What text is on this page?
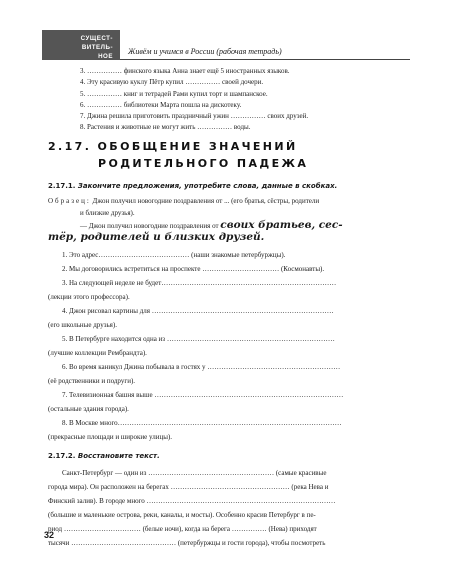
СУЩЕСТ-
ВИТЕЛЬ-
НОЕ
Живём и учимся в России (рабочая тетрадь)
3. …………… финского языка Анна знает ещё 5 иностранных языков.
4. Эту красивую куклу Пётр купил …………… своей дочери.
5. …………… книг и тетрадей Рами купил торт и шампанское.
6. …………… библиотеки Марта пошла на дискотеку.
7. Джина решила приготовить праздничный ужин …………… своих друзей.
8. Растения и животные не могут жить …………… воды.
2.17. ОБОБЩЕНИЕ ЗНАЧЕНИЙ
РОДИТЕЛЬНОГО ПАДЕЖА
2.17.1. Закончите предложения, употребите слова, данные в скобках.
Образец: Джон получил новогодние поздравления от ... (его братья, сёстры, родители
и близкие друзья).
— Джон получил новогодние поздравления от своих братьев, сес-
тёр, родителей и близких друзей.
1. Это адрес………………………………… (наши знакомые петербуржцы).
2. Мы договорились встретиться на проспекте …………………………… (Космонавты).
3. На следующей неделе не будет…………………………………………………………………
(лекции этого профессора).
4. Джон рисовал картины для ……………………………………………………………………
(его школьные друзья).
5. В Петербурге находится одна из ………………………………………………………………
(лучшие коллекции Рембрандта).
6. Во время каникул Джина побывала в гостях у …………………………………………………
(её родственники и подруги).
7. Телевизионная башня выше ………………………………………………………………………
(остальные здания города).
8. В Москве много……………………………………………………………………………………
(прекрасные площади и широкие улицы).
2.17.2. Восстановите текст.
Санкт-Петербург — один из ……………………………………………… (самые красивые
города мира). Он расположен на берегах …………………………………………… (река Нева и
Финский залив). В городе много ………………………………………………………………………
(большие и маленькие острова, реки, каналы, и мосты). Особенно красив Петербург в пе-
риод …………………………… (белые ночи), когда на берега …………… (Нева) приходят
тысячи ……………………………………… (петербуржцы и гости города), чтобы посмотреть
32
